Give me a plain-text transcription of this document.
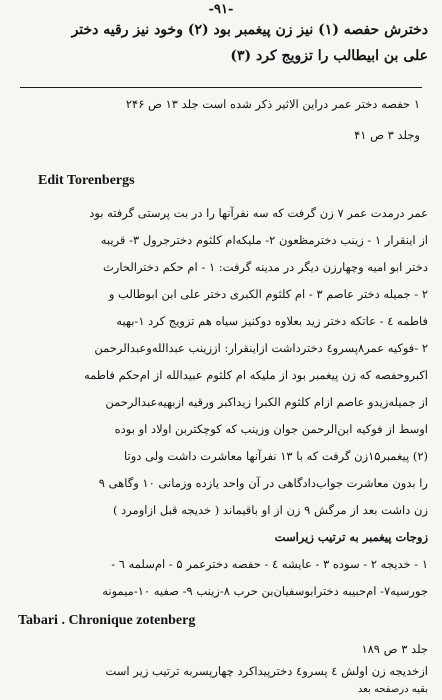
-۹۱-
دخترش حفصه (۱) نیز زن پیغمبر بود (۲) وخود نیز رقیه دختر
علی بن ابیطالب را تزویج کرد (۳)
۱ حفصه دختر عمر دراین الاثیر ذکر شده است جلد ۱۳ ص ۲۴۶
وجلد ۳ ص ۴۱
Edit Torenbergs
عمر درمدت عمر ۷ زن گرفت که سه نفرآنها را در بت پرستی گرفته بود
از اینقرار ۱ - زینب دخترمظعون ۲- ملیکه‌ام کلثوم دخترجرول ۳- قریبه
دختر ابو امیه وچهارزن دیگر در مدینه گرفت: ۱ - ام حکم دخترالحارث
۲ - جمیله دختر عاصم ۳ - ام کلثوم الکبری دختر علی ابن ابوطالب و
فاطمه ٤ - عاتکه دختر زید بعلاوه دوکنیز سیاه هم تزویج کرد ۱-بهیه
۲ -فوکیه عمر۸پسرو٤ دخترداشت ازاینقرار: اززینب عبدالله‌وعبدالرحمن
اکبروحفصه که زن پیغمبر بود از ملیکه ام کلثوم عبیدالله از ام‌حکم فاطمه
از جمیله‌زیدو عاصم ازام کلثوم الکبرا زیداکبر ورقیه ازبهیه‌عبدالرحمن
اوسط از فوکیه ابن‌الرحمن جوان وزینب که کوچکتربن اولاد او بوده
(۲) پیغمبر۱۵زن گرفت که با ۱۳ نفرآنها معاشرت داشت ولی دوتا
را بدون معاشرت جواب‌دادگاهی در آن واحد یازده وزمانی ۱۰ وگاهی ۹
زن داشت بعد از مرگش ۹ زن از او باقیماند ( خدیجه قبل ازاومرد )
زوجات پیغمبر به ترتیب زیراست
۱ - خدیجه ۲ - سوده ۳ - عایشه ٤ - حفصه دخترعمر ۵ - ام‌سلمه ٦ -
جورسیه۷- ام‌حبیبه دخترابوسفیان‌بن حرب ۸-زینب ۹- صفیه ۱۰-میمونه
Tabari . Chronique zotenberg
جلد ۳ ص ۱۸۹
ازخدیجه زن اولش ٤ پسرو٤ دخترپیداکرد چهارپسربه ترتیب زیر است
بقیه درصفحه بعد
